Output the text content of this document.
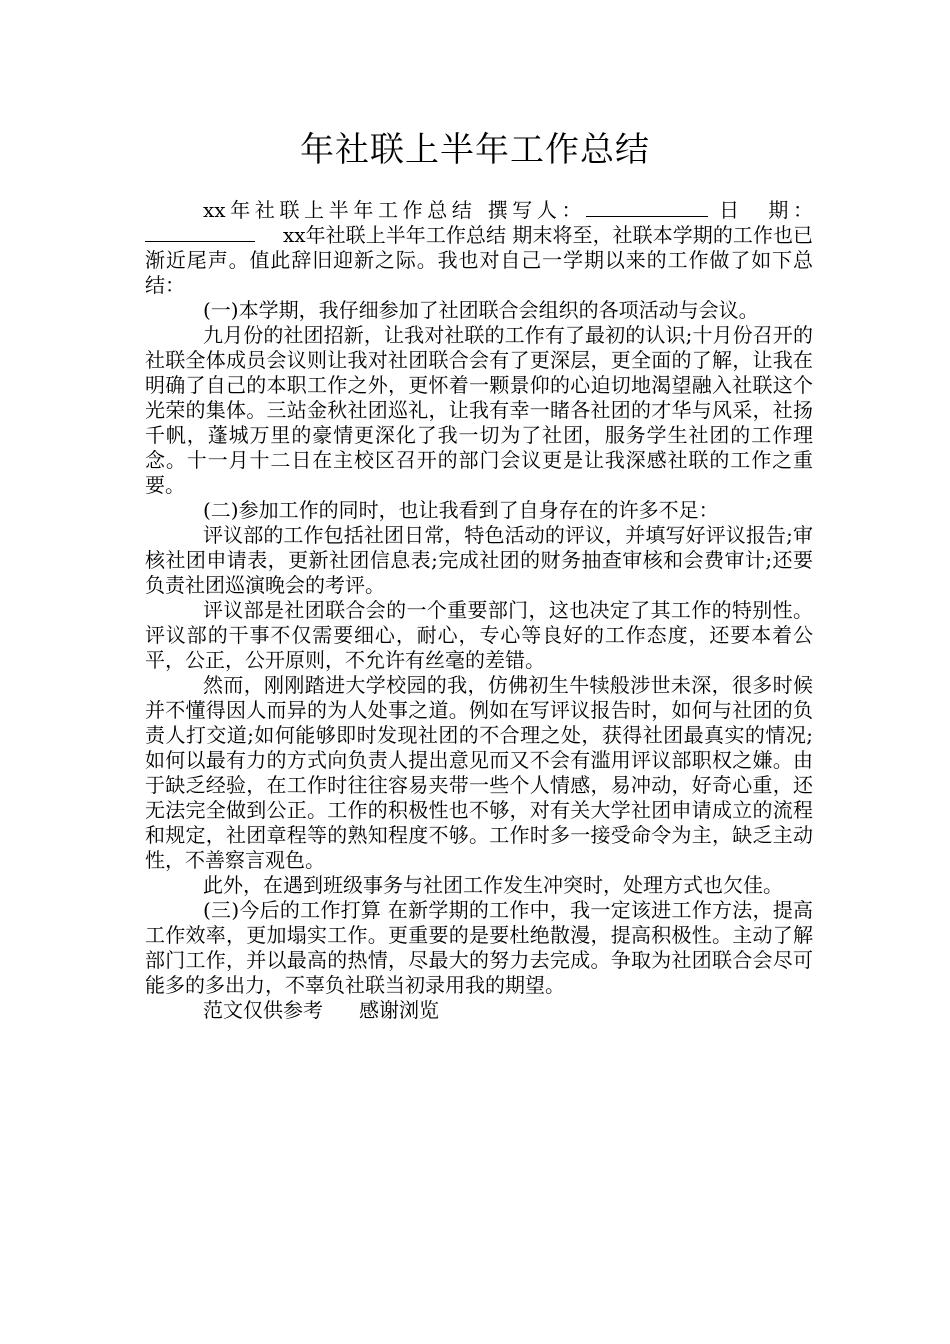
年社联上半年工作总结

xx年社联上半年工作总结 撰写人：	日　期：xx年社联上半年工作总结 期末将至，社联本学期的工作也已渐近尾声。值此辞旧迎新之际。我也对自己一学期以来的工作做了如下总结：

(一)本学期，我仔细参加了社团联合会组织的各项活动与会议。

九月份的社团招新，让我对社联的工作有了最初的认识;十月份召开的社联全体成员会议则让我对社团联合会有了更深层，更全面的了解，让我在明确了自己的本职工作之外，更怀着一颗景仰的心迫切地渴望融入社联这个光荣的集体。三站金秋社团巡礼，让我有幸一睹各社团的才华与风采，社扬千帆，蓬城万里的豪情更深化了我一切为了社团，服务学生社团的工作理念。十一月十二日在主校区召开的部门会议更是让我深感社联的工作之重要。

(二)参加工作的同时，也让我看到了自身存在的许多不足：

评议部的工作包括社团日常，特色活动的评议，并填写好评议报告;审核社团申请表，更新社团信息表;完成社团的财务抽查审核和会费审计;还要负责社团巡演晚会的考评。

评议部是社团联合会的一个重要部门，这也决定了其工作的特别性。评议部的干事不仅需要细心，耐心，专心等良好的工作态度，还要本着公平，公正，公开原则，不允许有丝毫的差错。

然而，刚刚踏进大学校园的我，仿佛初生牛犊般涉世未深，很多时候并不懂得因人而异的为人处事之道。例如在写评议报告时，如何与社团的负责人打交道;如何能够即时发现社团的不合理之处，获得社团最真实的情况;如何以最有力的方式向负责人提出意见而又不会有滥用评议部职权之嫌。由于缺乏经验，在工作时往往容易夹带一些个人情感，易冲动，好奇心重，还无法完全做到公正。工作的积极性也不够，对有关大学社团申请成立的流程和规定，社团章程等的熟知程度不够。工作时多一接受命令为主，缺乏主动性，不善察言观色。

此外，在遇到班级事务与社团工作发生冲突时，处理方式也欠佳。

(三)今后的工作打算 在新学期的工作中，我一定该进工作方法，提高工作效率，更加塌实工作。更重要的是要杜绝散漫，提高积极性。主动了解部门工作，并以最高的热情，尽最大的努力去完成。争取为社团联合会尽可能多的多出力，不辜负社联当初录用我的期望。

范文仅供参考 感谢浏览
